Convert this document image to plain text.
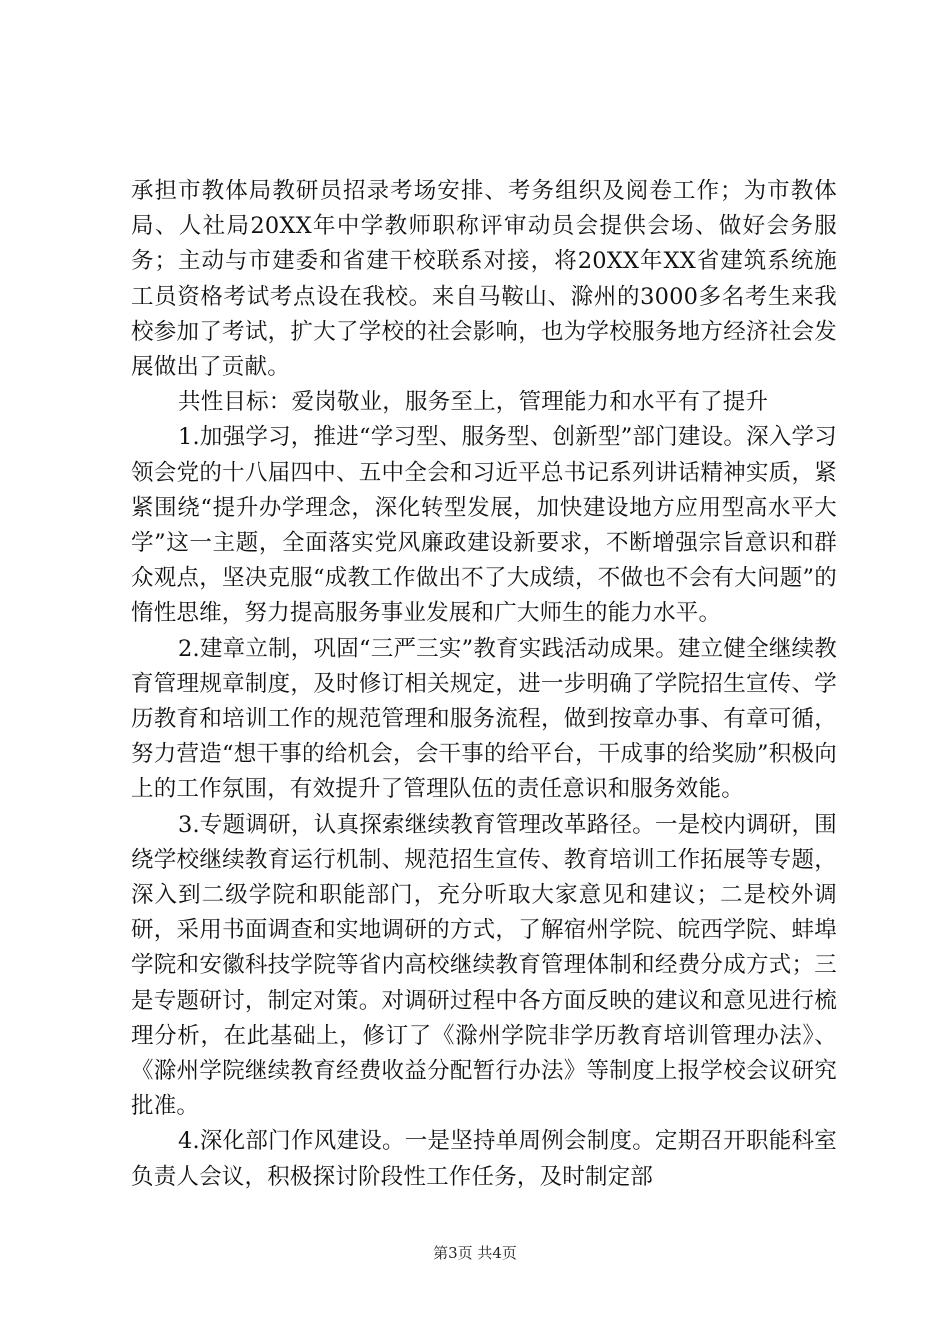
承担市教体局教研员招录考场安排、考务组织及阅卷工作；为市教体局、人社局20XX年中学教师职称评审动员会提供会场、做好会务服务；主动与市建委和省建干校联系对接，将20XX年XX省建筑系统施工员资格考试考点设在我校。来自马鞍山、滁州的3000多名考生来我校参加了考试，扩大了学校的社会影响，也为学校服务地方经济社会发展做出了贡献。

共性目标：爱岗敬业，服务至上，管理能力和水平有了提升

1.加强学习，推进“学习型、服务型、创新型”部门建设。深入学习领会党的十八届四中、五中全会和习近平总书记系列讲话精神实质，紧紧围绕“提升办学理念，深化转型发展，加快建设地方应用型高水平大学”这一主题，全面落实党风廉政建设新要求，不断增强宗旨意识和群众观点，坚决克服“成教工作做出不了大成绩，不做也不会有大问题”的惰性思维，努力提高服务事业发展和广大师生的能力水平。

2.建章立制，巩固“三严三实”教育实践活动成果。建立健全继续教育管理规章制度，及时修订相关规定，进一步明确了学院招生宣传、学历教育和培训工作的规范管理和服务流程，做到按章办事、有章可循，努力营造“想干事的给机会，会干事的给平台，干成事的给奖励”积极向上的工作氛围，有效提升了管理队伍的责任意识和服务效能。

3.专题调研，认真探索继续教育管理改革路径。一是校内调研，围绕学校继续教育运行机制、规范招生宣传、教育培训工作拓展等专题，深入到二级学院和职能部门，充分听取大家意见和建议；二是校外调研，采用书面调查和实地调研的方式，了解宿州学院、皖西学院、蚌埠学院和安徽科技学院等省内高校继续教育管理体制和经费分成方式；三是专题研讨，制定对策。对调研过程中各方面反映的建议和意见进行梳理分析，在此基础上，修订了《滁州学院非学历教育培训管理办法》、《滁州学院继续教育经费收益分配暂行办法》等制度上报学校会议研究批准。

4.深化部门作风建设。一是坚持单周例会制度。定期召开职能科室负责人会议，积极探讨阶段性工作任务，及时制定部

第3页 共4页
